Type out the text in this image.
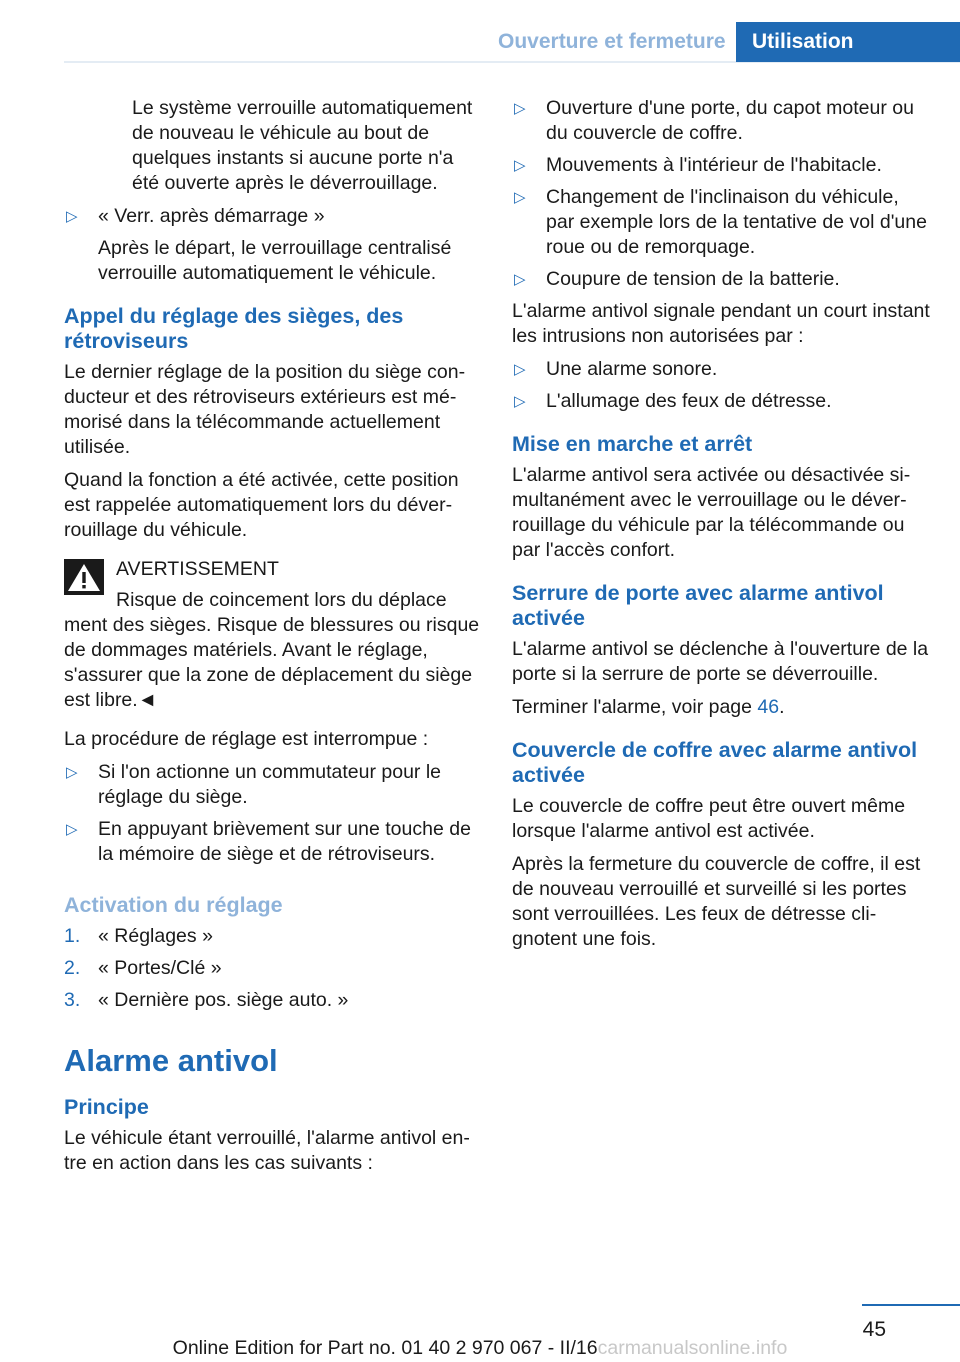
Ouverture et fermeture	Utilisation

Le système verrouille automatiquement de nouveau le véhicule au bout de quelques instants si aucune porte n'a été ouverte après le déverrouillage.

▷ « Verr. après démarrage »

Après le départ, le verrouillage centralisé verrouille automatiquement le véhicule.

Appel du réglage des sièges, des rétroviseurs

Le dernier réglage de la position du siège conducteur et des rétroviseurs extérieurs est mémorisé dans la télécommande actuellement utilisée.

Quand la fonction a été activée, cette position est rappelée automatiquement lors du déverrouillage du véhicule.

AVERTISSEMENT
Risque de coincement lors du déplace
ment des sièges. Risque de blessures ou risque de dommages matériels. Avant le réglage, s'assurer que la zone de déplacement du siège est libre.◄

La procédure de réglage est interrompue :

▷ Si l'on actionne un commutateur pour le réglage du siège.
▷ En appuyant brièvement sur une touche de la mémoire de siège et de rétroviseurs.
Activation du réglage
1. « Réglages »
2. « Portes/Clé »
3. « Dernière pos. siège auto. »
Alarme antivol
Principe

Le véhicule étant verrouillé, l'alarme antivol entre en action dans les cas suivants :

▷ Ouverture d'une porte, du capot moteur ou du couvercle de coffre.
▷ Mouvements à l'intérieur de l'habitacle.
▷ Changement de l'inclinaison du véhicule, par exemple lors de la tentative de vol d'une roue ou de remorquage.
▷ Coupure de tension de la batterie.

L'alarme antivol signale pendant un court instant les intrusions non autorisées par :

▷ Une alarme sonore.
▷ L'allumage des feux de détresse.
Mise en marche et arrêt

L'alarme antivol sera activée ou désactivée simultanément avec le verrouillage ou le déverrouillage du véhicule par la télécommande ou par l'accès confort.

Serrure de porte avec alarme antivol activée

L'alarme antivol se déclenche à l'ouverture de la porte si la serrure de porte se déverrouille.

Terminer l'alarme, voir page 46.

Couvercle de coffre avec alarme antivol activée

Le couvercle de coffre peut être ouvert même lorsque l'alarme antivol est activée.

Après la fermeture du couvercle de coffre, il est de nouveau verrouillé et surveillé si les portes sont verrouillées. Les feux de détresse clignotent une fois.

45
Online Edition for Part no. 01 40 2 970 067 - II/16carmanualsonline.info
